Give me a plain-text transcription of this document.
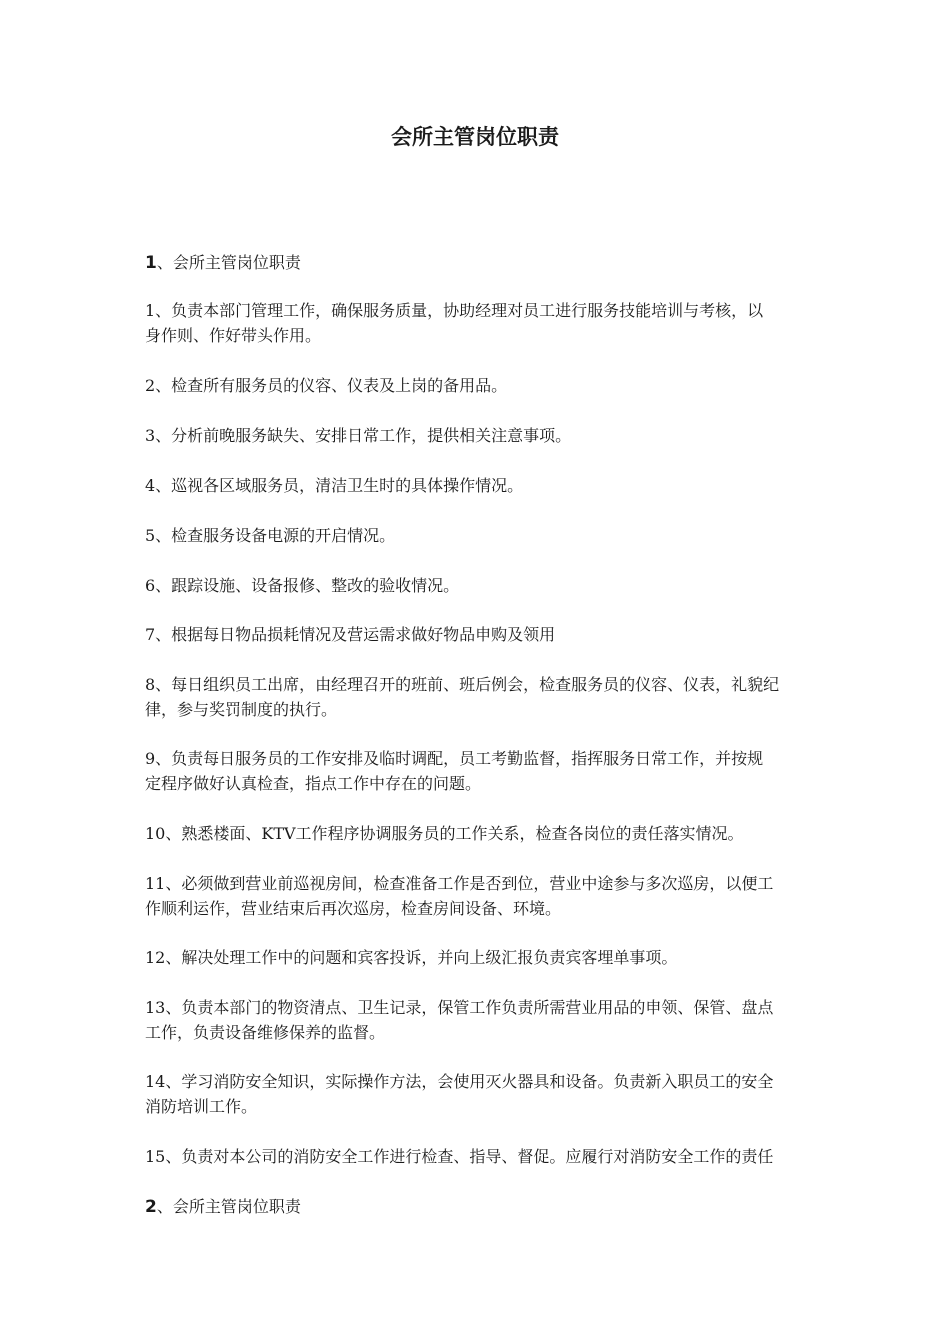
会所主管岗位职责
1、会所主管岗位职责

1、负责本部门管理工作，确保服务质量，协助经理对员工进行服务技能培训与考核，以
身作则、作好带头作用。

2、检查所有服务员的仪容、仪表及上岗的备用品。

3、分析前晚服务缺失、安排日常工作，提供相关注意事项。

4、巡视各区域服务员，清洁卫生时的具体操作情况。

5、检查服务设备电源的开启情况。

6、跟踪设施、设备报修、整改的验收情况。

7、根据每日物品损耗情况及营运需求做好物品申购及领用

8、每日组织员工出席，由经理召开的班前、班后例会，检查服务员的仪容、仪表，礼貌纪
律，参与奖罚制度的执行。

9、负责每日服务员的工作安排及临时调配，员工考勤监督，指挥服务日常工作，并按规
定程序做好认真检查，指点工作中存在的问题。

10、熟悉楼面、KTV工作程序协调服务员的工作关系，检查各岗位的责任落实情况。

11、必须做到营业前巡视房间，检查准备工作是否到位，营业中途参与多次巡房，以便工
作顺利运作，营业结束后再次巡房，检查房间设备、环境。

12、解决处理工作中的问题和宾客投诉，并向上级汇报负责宾客埋单事项。

13、负责本部门的物资清点、卫生记录，保管工作负责所需营业用品的申领、保管、盘点
工作，负责设备维修保养的监督。

14、学习消防安全知识，实际操作方法，会使用灭火器具和设备。负责新入职员工的安全
消防培训工作。

15、负责对本公司的消防安全工作进行检查、指导、督促。应履行对消防安全工作的责任

2、会所主管岗位职责
